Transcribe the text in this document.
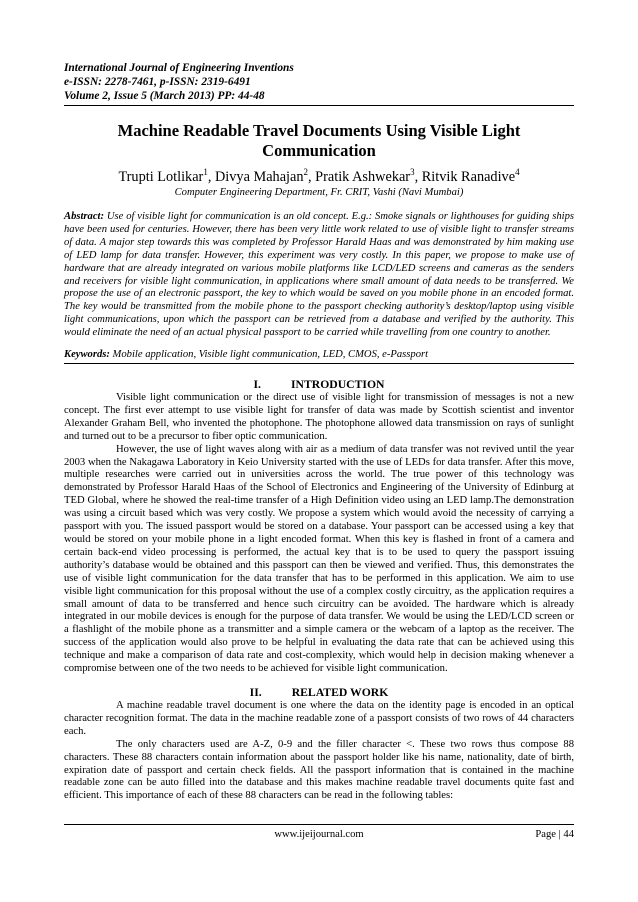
International Journal of Engineering Inventions
e-ISSN: 2278-7461, p-ISSN: 2319-6491
Volume 2, Issue 5 (March 2013) PP: 44-48
Machine Readable Travel Documents Using Visible Light
Communication
Trupti Lotlikar$^1$, Divya Mahajan$^2$, Pratik Ashwekar$^3$, Ritvik Ranadive$^4$
Computer Engineering Department, Fr. CRIT, Vashi (Navi Mumbai)
Abstract: Use of visible light for communication is an old concept. E.g.: Smoke signals or lighthouses for guiding ships have been used for centuries. However, there has been very little work related to use of visible light to transfer streams of data. A major step towards this was completed by Professor Harald Haas and was demonstrated by him making use of LED lamp for data transfer. However, this experiment was very costly. In this paper, we propose to make use of hardware that are already integrated on various mobile platforms like LCD/LED screens and cameras as the senders and receivers for visible light communication, in applications where small amount of data needs to be transferred. We propose the use of an electronic passport, the key to which would be saved on you mobile phone in an encoded format. The key would be transmitted from the mobile phone to the passport checking authority’s desktop/laptop using visible light communications, upon which the passport can be retrieved from a database and verified by the authority. This would eliminate the need of an actual physical passport to be carried while travelling from one country to another.
Keywords: Mobile application, Visible light communication, LED, CMOS, e-Passport
I.	INTRODUCTION

Visible light communication or the direct use of visible light for transmission of messages is not a new concept. The first ever attempt to use visible light for transfer of data was made by Scottish scientist and inventor Alexander Graham Bell, who invented the photophone. The photophone allowed data transmission on rays of sunlight and turned out to be a precursor to fiber optic communication.

However, the use of light waves along with air as a medium of data transfer was not revived until the year 2003 when the Nakagawa Laboratory in Keio University started with the use of LEDs for data transfer. After this move, multiple researches were carried out in universities across the world. The true power of this technology was demonstrated by Professor Harald Haas of the School of Electronics and Engineering of the University of Edinburg at TED Global, where he showed the real-time transfer of a High Definition video using an LED lamp.The demonstration was using a circuit based which was very costly. We propose a system which would avoid the necessity of carrying a passport with you. The issued passport would be stored on a database. Your passport can be accessed using a key that would be stored on your mobile phone in a light encoded format. When this key is flashed in front of a camera and certain back-end video processing is performed, the actual key that is to be used to query the passport issuing authority’s database would be obtained and this passport can then be viewed and verified. Thus, this demonstrates the use of visible light communication for the data transfer that has to be performed in this application. We aim to use visible light communication for this proposal without the use of a complex costly circuitry, as the application requires a small amount of data to be transferred and hence such circuitry can be avoided. The hardware which is already integrated in our mobile devices is enough for the purpose of data transfer. We would be using the LED/LCD screen or a flashlight of the mobile phone as a transmitter and a simple camera or the webcam of a laptop as the receiver. The success of the application would also prove to be helpful in evaluating the data rate that can be achieved using this technique and make a comparison of data rate and cost-complexity, which would help in decision making whenever a compromise between one of the two needs to be achieved for visible light communication.

II.	RELATED WORK

A machine readable travel document is one where the data on the identity page is encoded in an optical character recognition format. The data in the machine readable zone of a passport consists of two rows of 44 characters each.

The only characters used are A-Z, 0-9 and the filler character <. These two rows thus compose 88 characters. These 88 characters contain information about the passport holder like his name, nationality, date of birth, expiration date of passport and certain check fields. All the passport information that is contained in the machine readable zone can be auto filled into the database and this makes machine readable travel documents quite fast and efficient. This importance of each of these 88 characters can be read in the following tables:

www.ijeijournal.com	Page | 44
